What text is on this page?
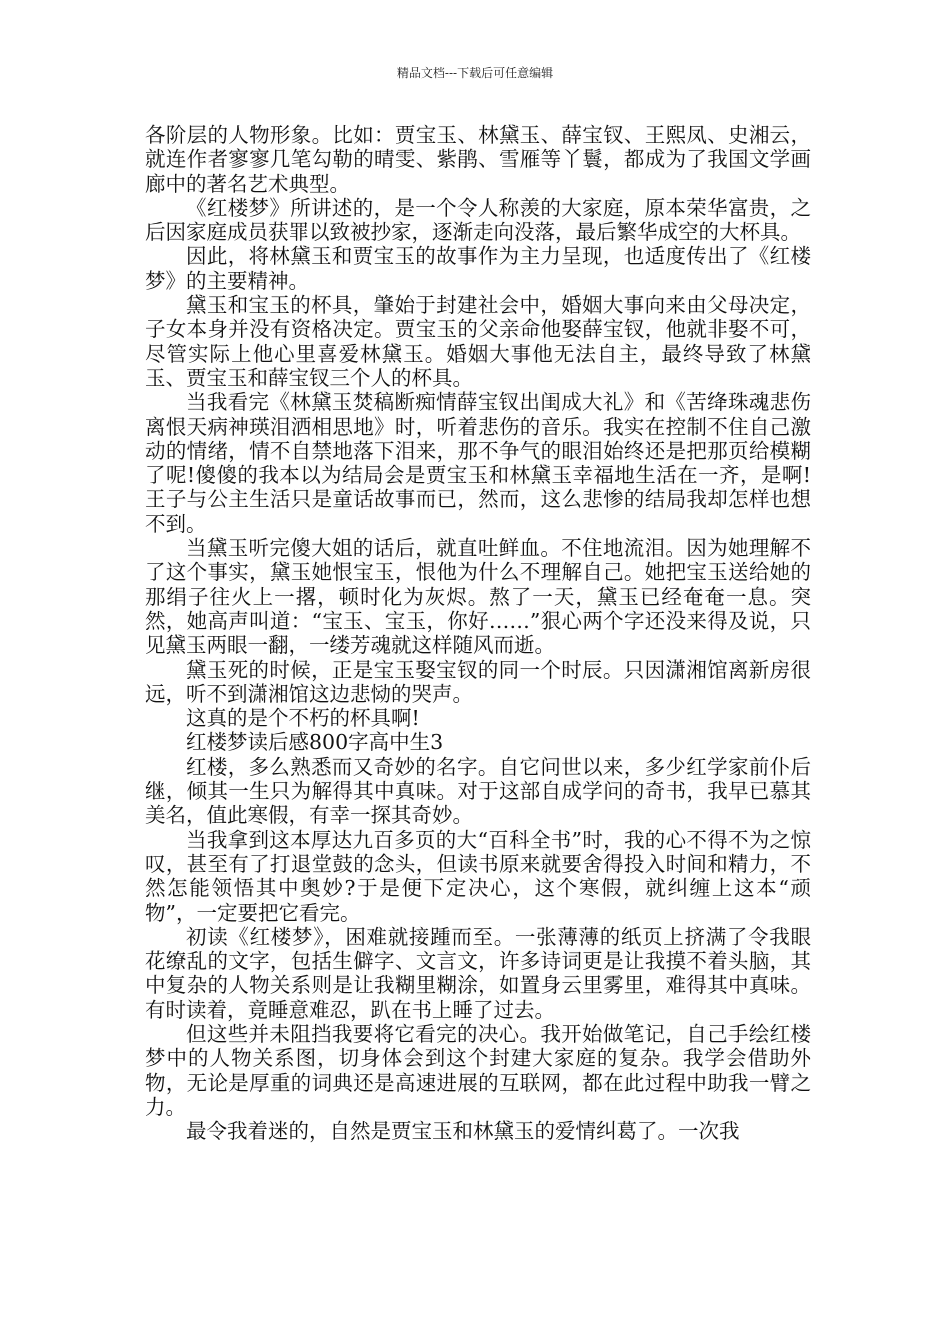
精品文档---下载后可任意编辑

各阶层的人物形象。比如：贾宝玉、林黛玉、薛宝钗、王熙凤、史湘云，就连作者寥寥几笔勾勒的晴雯、紫鹃、雪雁等丫鬟，都成为了我国文学画廊中的著名艺术典型。

《红楼梦》所讲述的，是一个令人称羡的大家庭，原本荣华富贵，之后因家庭成员获罪以致被抄家，逐渐走向没落，最后繁华成空的大杯具。

因此，将林黛玉和贾宝玉的故事作为主力呈现，也适度传出了《红楼梦》的主要精神。

黛玉和宝玉的杯具，肇始于封建社会中，婚姻大事向来由父母决定，子女本身并没有资格决定。贾宝玉的父亲命他娶薛宝钗，他就非娶不可，尽管实际上他心里喜爱林黛玉。婚姻大事他无法自主，最终导致了林黛玉、贾宝玉和薛宝钗三个人的杯具。

当我看完《林黛玉焚稿断痴情薛宝钗出闺成大礼》和《苦绛珠魂悲伤离恨天病神瑛泪洒相思地》时，听着悲伤的音乐。我实在控制不住自己激动的情绪，情不自禁地落下泪来，那不争气的眼泪始终还是把那页给模糊了呢!傻傻的我本以为结局会是贾宝玉和林黛玉幸福地生活在一齐，是啊!王子与公主生活只是童话故事而已，然而，这么悲惨的结局我却怎样也想不到。

当黛玉听完傻大姐的话后，就直吐鲜血。不住地流泪。因为她理解不了这个事实，黛玉她恨宝玉，恨他为什么不理解自己。她把宝玉送给她的那绢子往火上一撂，顿时化为灰烬。熬了一天，黛玉已经奄奄一息。突然，她高声叫道：“宝玉、宝玉，你好……”狠心两个字还没来得及说，只见黛玉两眼一翻，一缕芳魂就这样随风而逝。

黛玉死的时候，正是宝玉娶宝钗的同一个时辰。只因潇湘馆离新房很远，听不到潇湘馆这边悲恸的哭声。

这真的是个不朽的杯具啊!

红楼梦读后感800字高中生3

红楼，多么熟悉而又奇妙的名字。自它问世以来，多少红学家前仆后继，倾其一生只为解得其中真味。对于这部自成学问的奇书，我早已慕其美名，值此寒假，有幸一探其奇妙。

当我拿到这本厚达九百多页的大“百科全书”时，我的心不得不为之惊叹，甚至有了打退堂鼓的念头，但读书原来就要舍得投入时间和精力，不然怎能领悟其中奥妙?于是便下定决心，这个寒假，就纠缠上这本“顽物”，一定要把它看完。

初读《红楼梦》，困难就接踵而至。一张薄薄的纸页上挤满了令我眼花缭乱的文字，包括生僻字、文言文，许多诗词更是让我摸不着头脑，其中复杂的人物关系则是让我糊里糊涂，如置身云里雾里，难得其中真味。有时读着，竟睡意难忍，趴在书上睡了过去。

但这些并未阻挡我要将它看完的决心。我开始做笔记，自己手绘红楼梦中的人物关系图，切身体会到这个封建大家庭的复杂。我学会借助外物，无论是厚重的词典还是高速进展的互联网，都在此过程中助我一臂之力。

最令我着迷的，自然是贾宝玉和林黛玉的爱情纠葛了。一次我
